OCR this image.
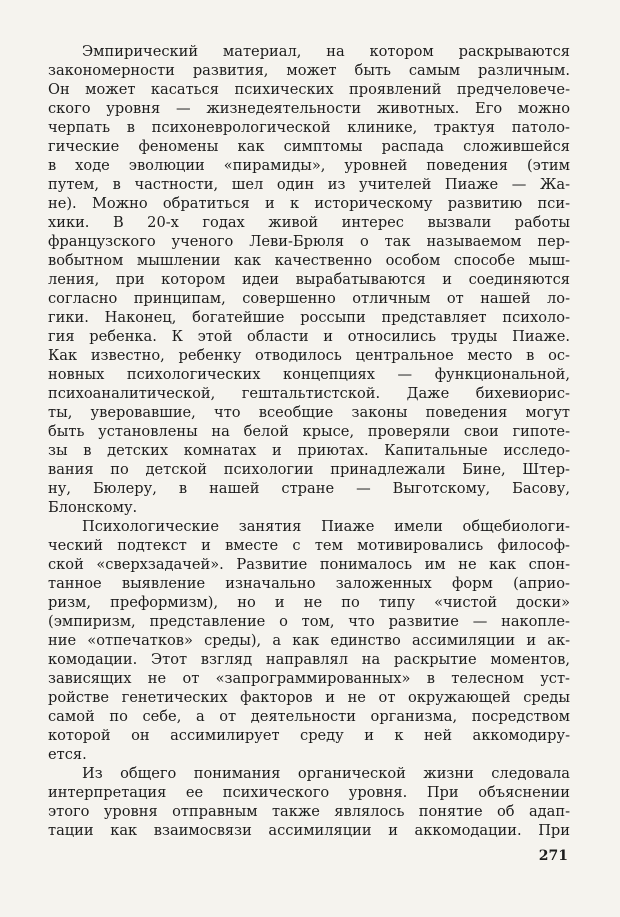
Эмпирический материал, на котором раскрываются
закономерности развития, может быть самым различным.
Он может касаться психических проявлений предчеловече-
ского уровня — жизнедеятельности животных. Его можно
черпать в психоневрологической клинике, трактуя патоло-
гические феномены как симптомы распада сложившейся
в ходе эволюции «пирамиды», уровней поведения (этим
путем, в частности, шел один из учителей Пиаже — Жа-
не). Можно обратиться и к историческому развитию пси-
хики. В 20-х годах живой интерес вызвали работы
французского ученого Леви-Брюля о так называемом пер-
вобытном мышлении как качественно особом способе мыш-
ления, при котором идеи вырабатываются и соединяются
согласно принципам, совершенно отличным от нашей ло-
гики. Наконец, богатейшие россыпи представляет психоло-
гия ребенка. К этой области и относились труды Пиаже.
Как известно, ребенку отводилось центральное место в ос-
новных психологических концепциях — функциональной,
психоаналитической, гештальтистской. Даже бихевиорис-
ты, уверовавшие, что всеобщие законы поведения могут
быть установлены на белой крысе, проверяли свои гипоте-
зы в детских комнатах и приютах. Капитальные исследо-
вания по детской психологии принадлежали Бине, Штер-
ну, Бюлеру, в нашей стране — Выготскому, Басову,
Блонскому.
Психологические занятия Пиаже имели общебиологи-
ческий подтекст и вместе с тем мотивировались философ-
ской «сверхзадачей». Развитие понималось им не как спон-
танное выявление изначально заложенных форм (априо-
ризм, преформизм), но и не по типу «чистой доски»
(эмпиризм, представление о том, что развитие — накопле-
ние «отпечатков» среды), а как единство ассимиляции и ак-
комодации. Этот взгляд направлял на раскрытие моментов,
зависящих не от «запрограммированных» в телесном уст-
ройстве генетических факторов и не от окружающей среды
самой по себе, а от деятельности организма, посредством
которой он ассимилирует среду и к ней аккомодиру-
ется.
Из общего понимания органической жизни следовала
интерпретация ее психического уровня. При объяснении
этого уровня отправным также являлось понятие об адап-
тации как взаимосвязи ассимиляции и аккомодации. При
271
